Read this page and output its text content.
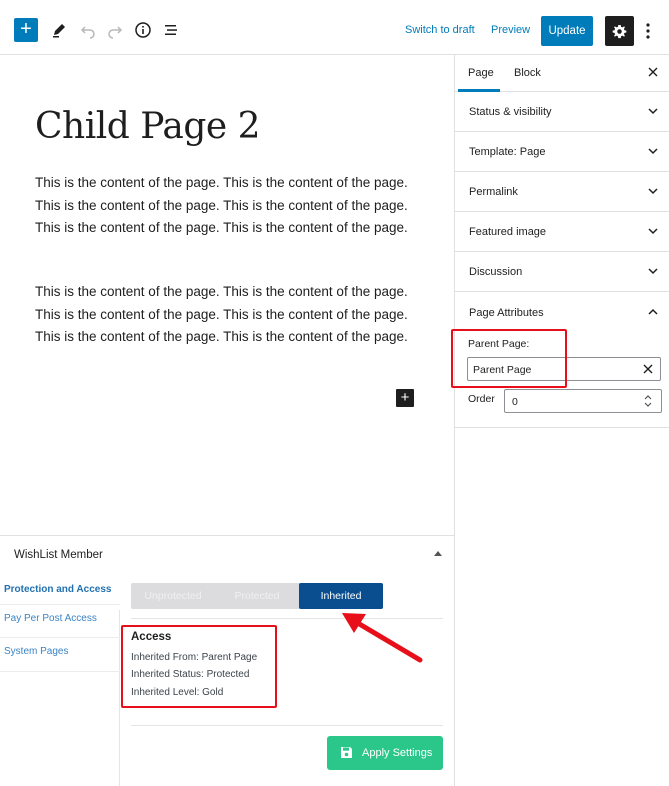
+	Switch to draft Preview	Update
Child Page 2

This is the content of the page. This is the content of the page. This is the content of the page. This is the content of the page. This is the content of the page. This is the content of the page.

This is the content of the page. This is the content of the page. This is the content of the page. This is the content of the page. This is the content of the page. This is the content of the page.

+
Page Block
Status & visibility
Template: Page
Permalink
Featured image
Discussion
Page Attributes
Parent Page:
Parent Page
Order 0
WishList Member
Protection and Access
Pay Per Post Access
System Pages
Unprotected	Protected	Inherited
Access
Inherited From: Parent Page
Inherited Status: Protected
Inherited Level: Gold
Apply Settings
